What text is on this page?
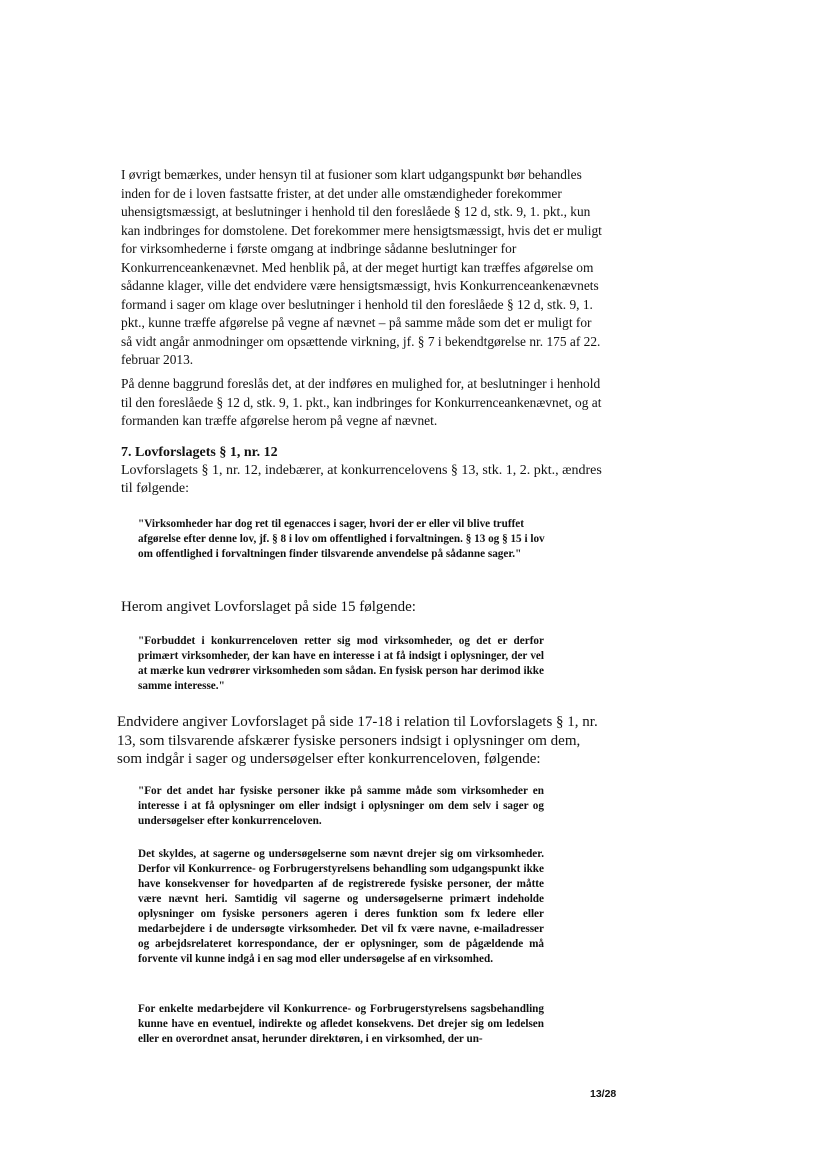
I øvrigt bemærkes, under hensyn til at fusioner som klart udgangspunkt bør behandles inden for de i loven fastsatte frister, at det under alle omstændigheder forekommer uhensigtsmæssigt, at beslutninger i henhold til den foreslåede § 12 d, stk. 9, 1. pkt., kun kan indbringes for domstolene. Det forekommer mere hensigtsmæssigt, hvis det er muligt for virksomhederne i første omgang at indbringe sådanne beslutninger for Konkurrenceankenævnet. Med henblik på, at der meget hurtigt kan træffes afgørelse om sådanne klager, ville det endvidere være hensigtsmæssigt, hvis Konkurrenceankenævnets formand i sager om klage over beslutninger i henhold til den foreslåede § 12 d, stk. 9, 1. pkt., kunne træffe afgørelse på vegne af nævnet – på samme måde som det er muligt for så vidt angår anmodninger om opsættende virkning, jf. § 7 i bekendtgørelse nr. 175 af 22. februar 2013.

På denne baggrund foreslås det, at der indføres en mulighed for, at beslutninger i henhold til den foreslåede § 12 d, stk. 9, 1. pkt., kan indbringes for Konkurrenceankenævnet, og at formanden kan træffe afgørelse herom på vegne af nævnet.

7. Lovforslagets § 1, nr. 12

Lovforslagets § 1, nr. 12, indebærer, at konkurrencelovens § 13, stk. 1, 2. pkt., ændres til følgende:

"Virksomheder har dog ret til egenacces i sager, hvori der er eller vil blive truffet afgørelse efter denne lov, jf. § 8 i lov om offentlighed i forvaltningen. § 13 og § 15 i lov om offentlighed i forvaltningen finder tilsvarende anvendelse på sådanne sager."

Herom angivet Lovforslaget på side 15 følgende:

"Forbuddet i konkurrenceloven retter sig mod virksomheder, og det er derfor primært virksomheder, der kan have en interesse i at få indsigt i oplysninger, der vel at mærke kun vedrører virksomheden som sådan. En fysisk person har derimod ikke samme interesse."

Endvidere angiver Lovforslaget på side 17-18 i relation til Lovforslagets § 1, nr. 13, som tilsvarende afskærer fysiske personers indsigt i oplysninger om dem, som indgår i sager og undersøgelser efter konkurrenceloven, følgende:

"For det andet har fysiske personer ikke på samme måde som virksomheder en interesse i at få oplysninger om eller indsigt i oplysninger om dem selv i sager og undersøgelser efter konkurrenceloven.

Det skyldes, at sagerne og undersøgelserne som nævnt drejer sig om virksomheder. Derfor vil Konkurrence- og Forbrugerstyrelsens behandling som udgangspunkt ikke have konsekvenser for hovedparten af de registrerede fysiske personer, der måtte være nævnt heri. Samtidig vil sagerne og undersøgelserne primært indeholde oplysninger om fysiske personers ageren i deres funktion som fx ledere eller medarbejdere i de undersøgte virksomheder. Det vil fx være navne, e-mailadresser og arbejdsrelateret korrespondance, der er oplysninger, som de pågældende må forvente vil kunne indgå i en sag mod eller undersøgelse af en virksomhed.

For enkelte medarbejdere vil Konkurrence- og Forbrugerstyrelsens sagsbehandling kunne have en eventuel, indirekte og afledet konsekvens. Det drejer sig om ledelsen eller en overordnet ansat, herunder direktøren, i en virksomhed, der un-

13/28
